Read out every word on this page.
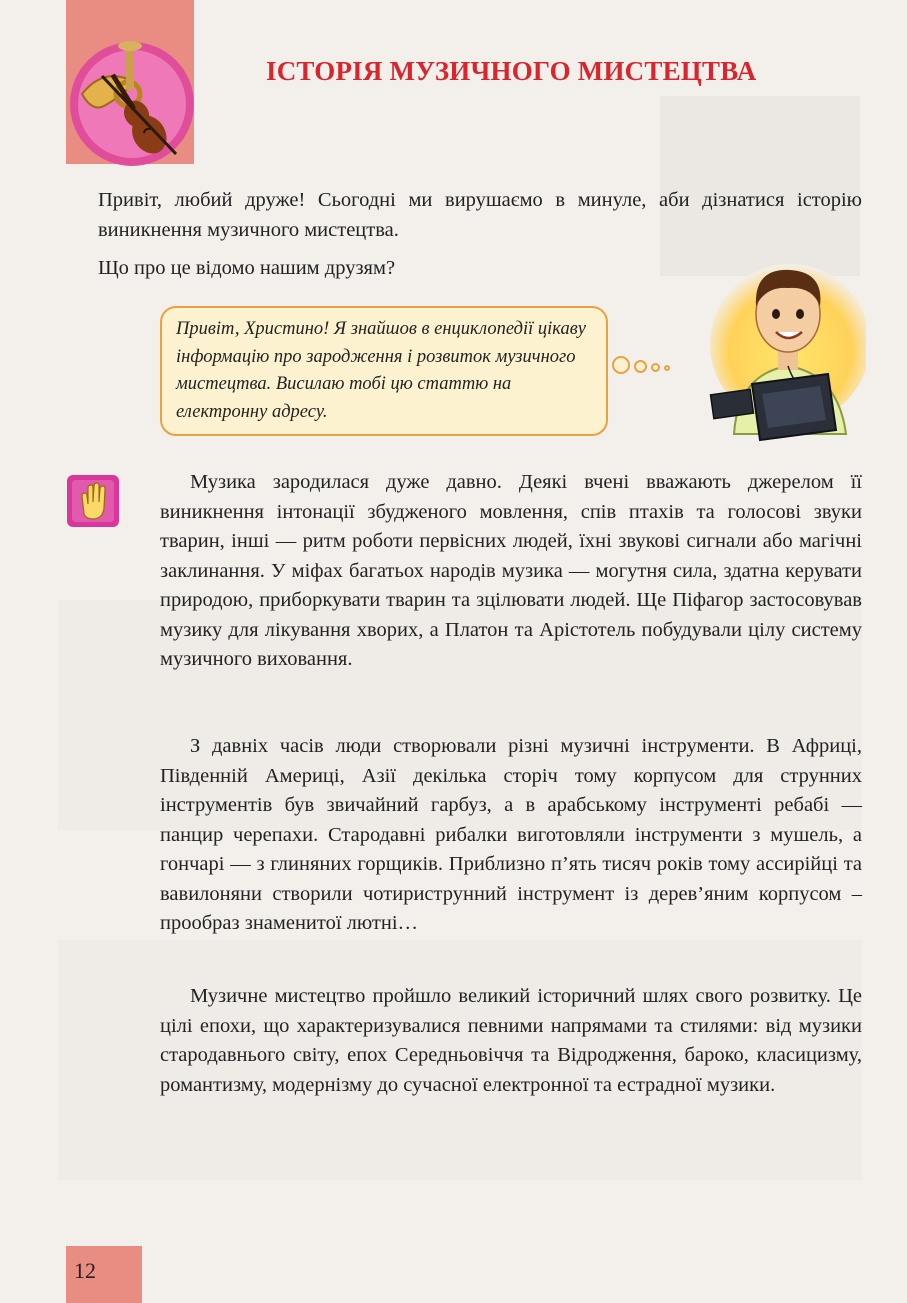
ІСТОРІЯ МУЗИЧНОГО МИСТЕЦТВА

Привіт, любий друже! Сьогодні ми вирушаємо в минуле, аби дізнатися історію виникнення музичного мистецтва.

Що про це відомо нашим друзям?

Привіт, Христино! Я знайшов в енциклопедії цікаву інформацію про зародження і розвиток музичного мистецтва. Висилаю тобі цю статтю на електронну адресу.

Музика зародилася дуже давно. Деякі вчені вважають джерелом її виникнення інтонації збудженого мовлення, спів птахів та голосові звуки тварин, інші — ритм роботи первісних людей, їхні звукові сигнали або магічні заклинання. У міфах багатьох народів музика — могутня сила, здатна керувати природою, приборкувати тварин та зцілювати людей. Ще Піфагор застосовував музику для лікування хворих, а Платон та Арістотель побудували цілу систему музичного виховання.

З давніх часів люди створювали різні музичні інструменти. В Африці, Південній Америці, Азії декілька сторіч тому корпусом для струнних інструментів був звичайний гарбуз, а в арабському інструменті ребабі — панцир черепахи. Стародавні рибалки виготовляли інструменти з мушель, а гончарі — з глиняних горщиків. Приблизно п’ять тисяч років тому ассирійці та вавилоняни створили чотириструнний інструмент із дерев’яним корпусом – прообраз знаменитої лютні…

Музичне мистецтво пройшло великий історичний шлях свого розвитку. Це цілі епохи, що характеризувалися певними напрямами та стилями: від музики стародавнього світу, епох Середньовіччя та Відродження, бароко, класицизму, романтизму, модернізму до сучасної електронної та естрадної музики.

12
